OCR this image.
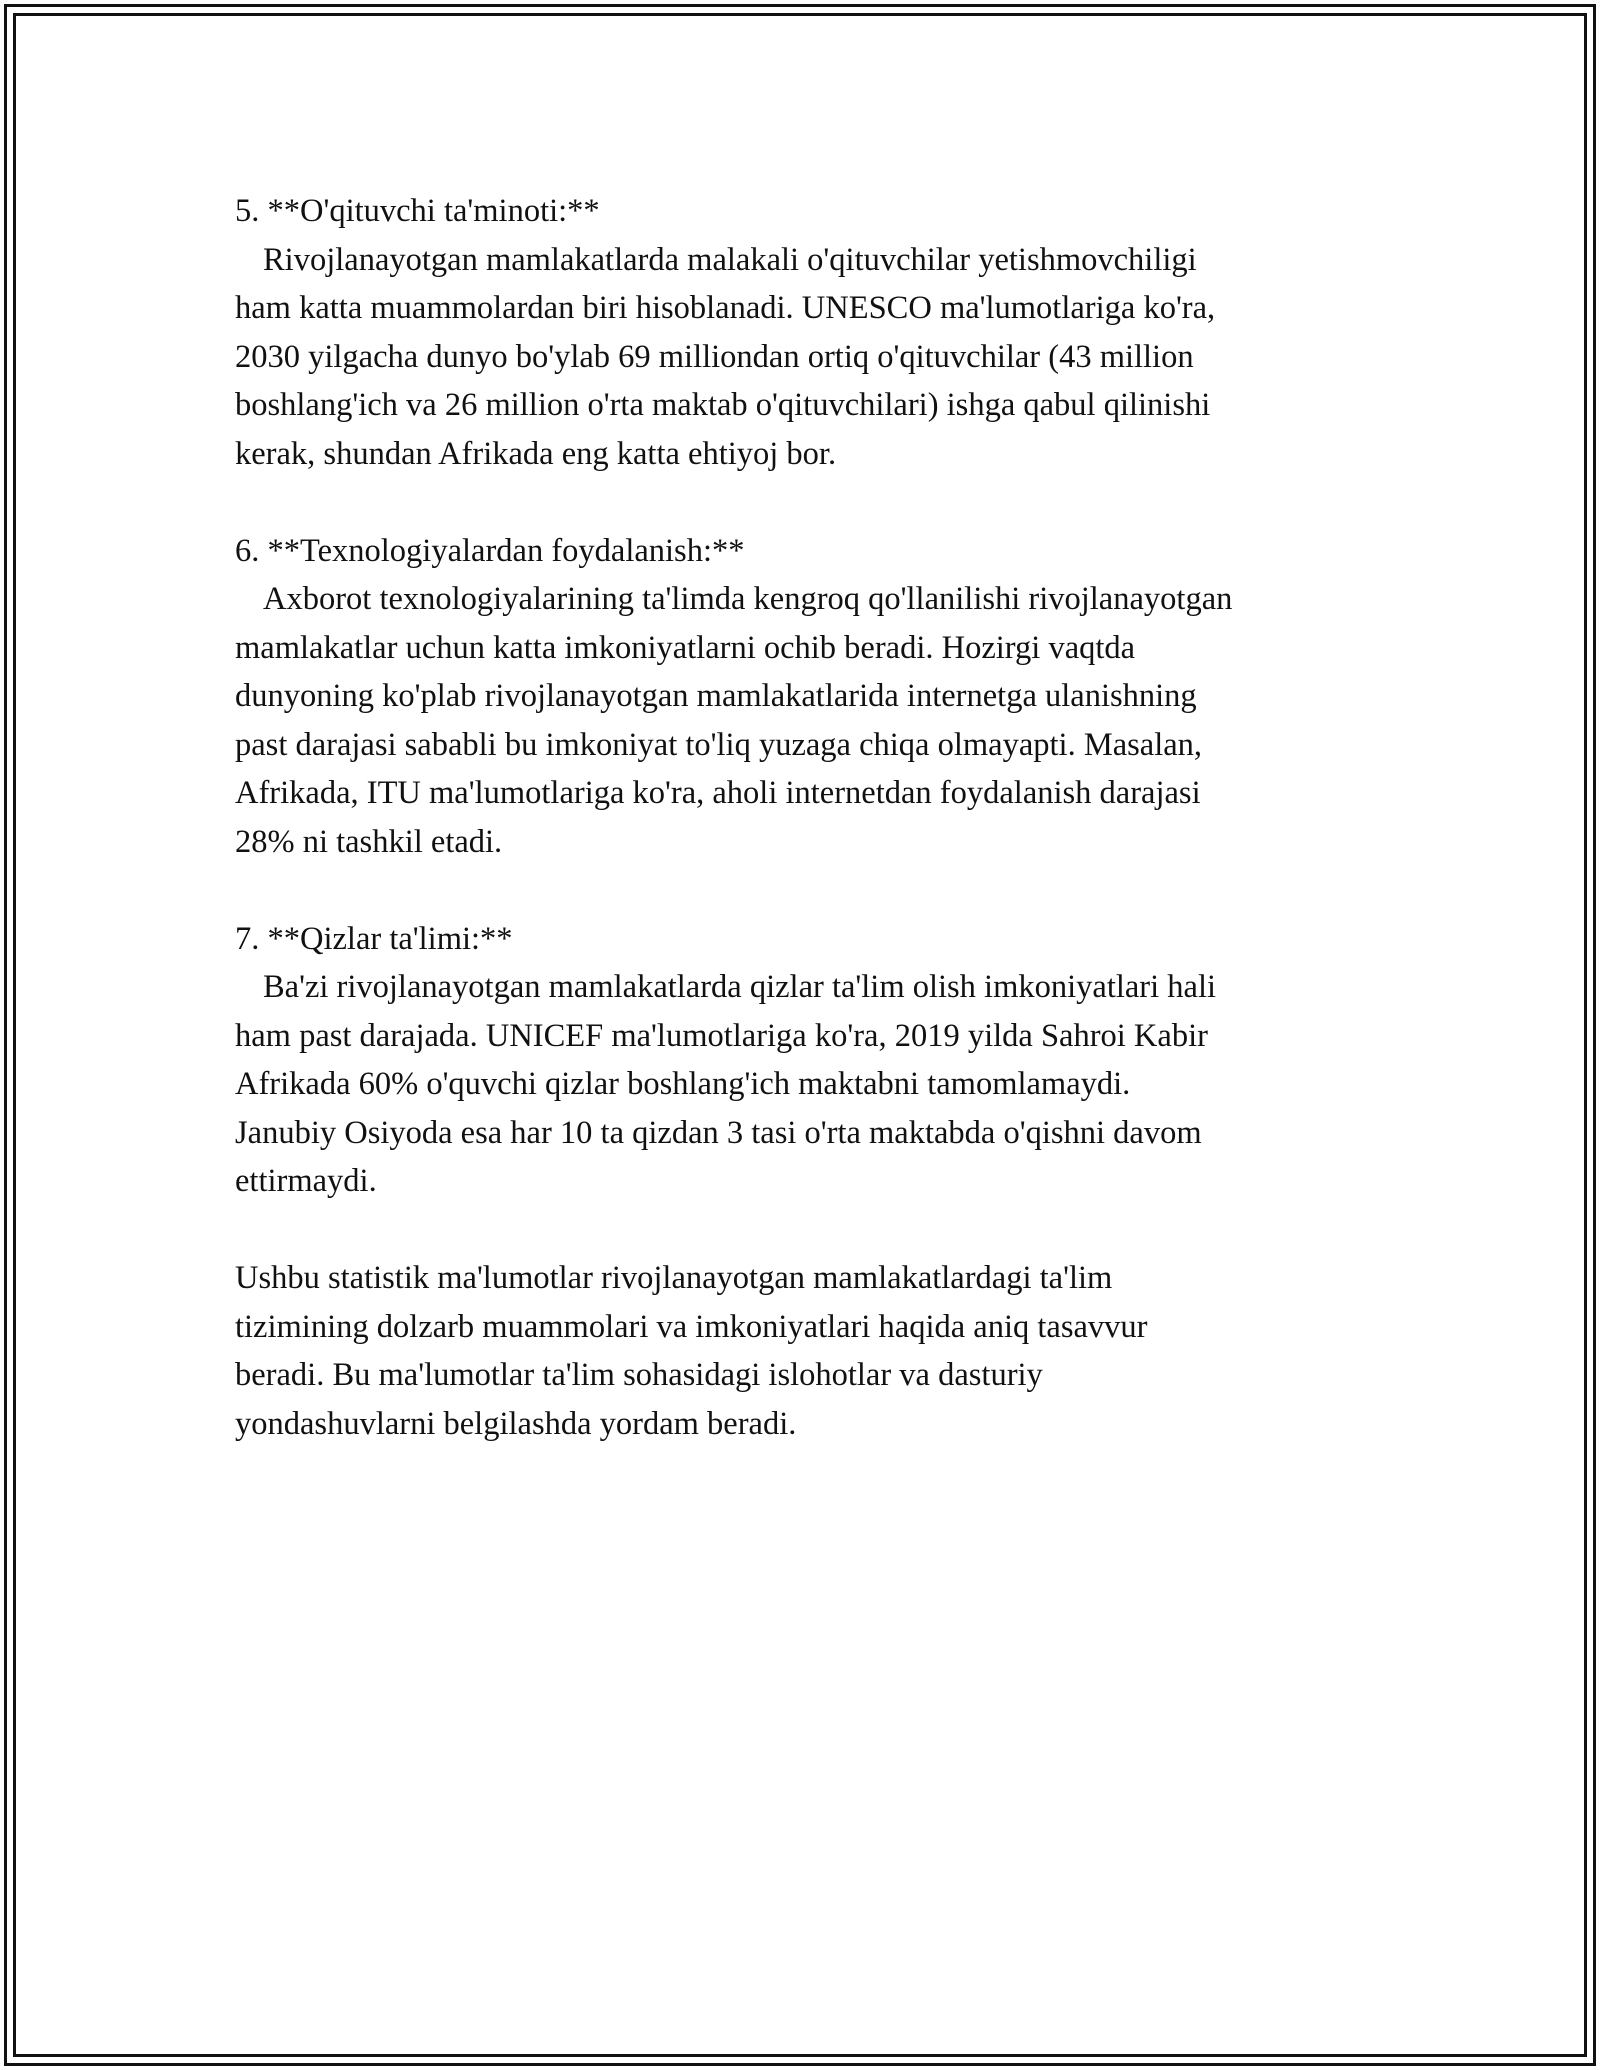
5. **O'qituvchi ta'minoti:**
Rivojlanayotgan mamlakatlarda malakali o'qituvchilar yetishmovchiligi
ham katta muammolardan biri hisoblanadi. UNESCO ma'lumotlariga ko'ra,
2030 yilgacha dunyo bo'ylab 69 milliondan ortiq o'qituvchilar (43 million
boshlang'ich va 26 million o'rta maktab o'qituvchilari) ishga qabul qilinishi
kerak, shundan Afrikada eng katta ehtiyoj bor.
6. **Texnologiyalardan foydalanish:**
Axborot texnologiyalarining ta'limda kengroq qo'llanilishi rivojlanayotgan
mamlakatlar uchun katta imkoniyatlarni ochib beradi. Hozirgi vaqtda
dunyoning ko'plab rivojlanayotgan mamlakatlarida internetga ulanishning
past darajasi sababli bu imkoniyat to'liq yuzaga chiqa olmayapti. Masalan,
Afrikada, ITU ma'lumotlariga ko'ra, aholi internetdan foydalanish darajasi
28% ni tashkil etadi.
7. **Qizlar ta'limi:**
Ba'zi rivojlanayotgan mamlakatlarda qizlar ta'lim olish imkoniyatlari hali
ham past darajada. UNICEF ma'lumotlariga ko'ra, 2019 yilda Sahroi Kabir
Afrikada 60% o'quvchi qizlar boshlang'ich maktabni tamomlamaydi.
Janubiy Osiyoda esa har 10 ta qizdan 3 tasi o'rta maktabda o'qishni davom
ettirmaydi.
Ushbu statistik ma'lumotlar rivojlanayotgan mamlakatlardagi ta'lim
tizimining dolzarb muammolari va imkoniyatlari haqida aniq tasavvur
beradi. Bu ma'lumotlar ta'lim sohasidagi islohotlar va dasturiy
yondashuvlarni belgilashda yordam beradi.
